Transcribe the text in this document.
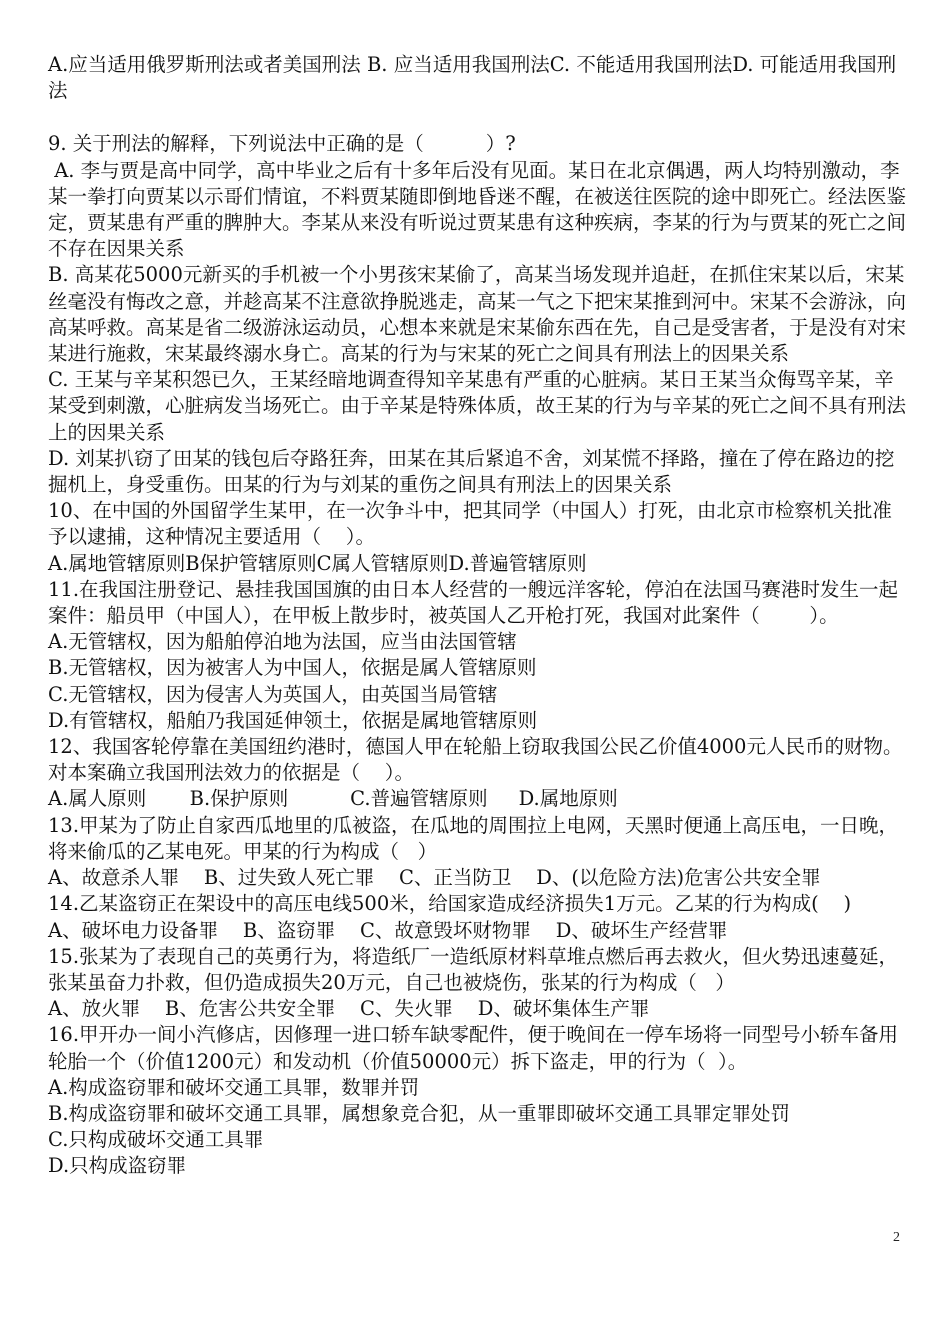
A.应当适用俄罗斯刑法或者美国刑法 B. 应当适用我国刑法C. 不能适用我国刑法D. 可能适用我国刑法

9. 关于刑法的解释，下列说法中正确的是（          ）?

A. 李与贾是高中同学，高中毕业之后有十多年后没有见面。某日在北京偶遇，两人均特别激动，李某一拳打向贾某以示哥们情谊，不料贾某随即倒地昏迷不醒，在被送往医院的途中即死亡。经法医鉴定，贾某患有严重的脾肿大。李某从来没有听说过贾某患有这种疾病，李某的行为与贾某的死亡之间不存在因果关系

B. 高某花5000元新买的手机被一个小男孩宋某偷了，高某当场发现并追赶，在抓住宋某以后，宋某丝毫没有悔改之意，并趁高某不注意欲挣脱逃走，高某一气之下把宋某推到河中。宋某不会游泳，向高某呼救。高某是省二级游泳运动员，心想本来就是宋某偷东西在先，自己是受害者，于是没有对宋某进行施救，宋某最终溺水身亡。高某的行为与宋某的死亡之间具有刑法上的因果关系

C. 王某与辛某积怨已久，王某经暗地调查得知辛某患有严重的心脏病。某日王某当众侮骂辛某，辛某受到刺激，心脏病发当场死亡。由于辛某是特殊体质，故王某的行为与辛某的死亡之间不具有刑法上的因果关系

D. 刘某扒窃了田某的钱包后夺路狂奔，田某在其后紧追不舍，刘某慌不择路，撞在了停在路边的挖掘机上，身受重伤。田某的行为与刘某的重伤之间具有刑法上的因果关系

10、在中国的外国留学生某甲，在一次争斗中，把其同学（中国人）打死，由北京市检察机关批准予以逮捕，这种情况主要适用（    ）。

A.属地管辖原则B保护管辖原则C属人管辖原则D.普遍管辖原则

11.在我国注册登记、悬挂我国国旗的由日本人经营的一艘远洋客轮，停泊在法国马赛港时发生一起案件：船员甲（中国人），在甲板上散步时，被英国人乙开枪打死，我国对此案件（        ）。

A.无管辖权，因为船舶停泊地为法国，应当由法国管辖

B.无管辖权，因为被害人为中国人，依据是属人管辖原则

C.无管辖权，因为侵害人为英国人，由英国当局管辖

D.有管辖权，船舶乃我国延伸领土，依据是属地管辖原则

12、我国客轮停靠在美国纽约港时，德国人甲在轮船上窃取我国公民乙价值4000元人民币的财物。对本案确立我国刑法效力的依据是（    ）。

A.属人原则       B.保护原则          C.普遍管辖原则     D.属地原则

13.甲某为了防止自家西瓜地里的瓜被盗，在瓜地的周围拉上电网，天黑时便通上高压电，一日晚，将来偷瓜的乙某电死。甲某的行为构成（   ）

A、故意杀人罪    B、过失致人死亡罪    C、正当防卫    D、(以危险方法)危害公共安全罪

14.乙某盗窃正在架设中的高压电线500米，给国家造成经济损失1万元。乙某的行为构成(    )

A、破坏电力设备罪    B、盗窃罪    C、故意毁坏财物罪    D、破坏生产经营罪

15.张某为了表现自己的英勇行为，将造纸厂一造纸原材料草堆点燃后再去救火，但火势迅速蔓延，张某虽奋力扑救，但仍造成损失20万元，自己也被烧伤，张某的行为构成（   ）

A、放火罪    B、危害公共安全罪    C、失火罪    D、破坏集体生产罪

16.甲开办一间小汽修店，因修理一进口轿车缺零配件，便于晚间在一停车场将一同型号小轿车备用轮胎一个（价值1200元）和发动机（价值50000元）拆下盗走，甲的行为（  ）。

A.构成盗窃罪和破坏交通工具罪，数罪并罚

B.构成盗窃罪和破坏交通工具罪，属想象竞合犯，从一重罪即破坏交通工具罪定罪处罚

C.只构成破坏交通工具罪

D.只构成盗窃罪

2
